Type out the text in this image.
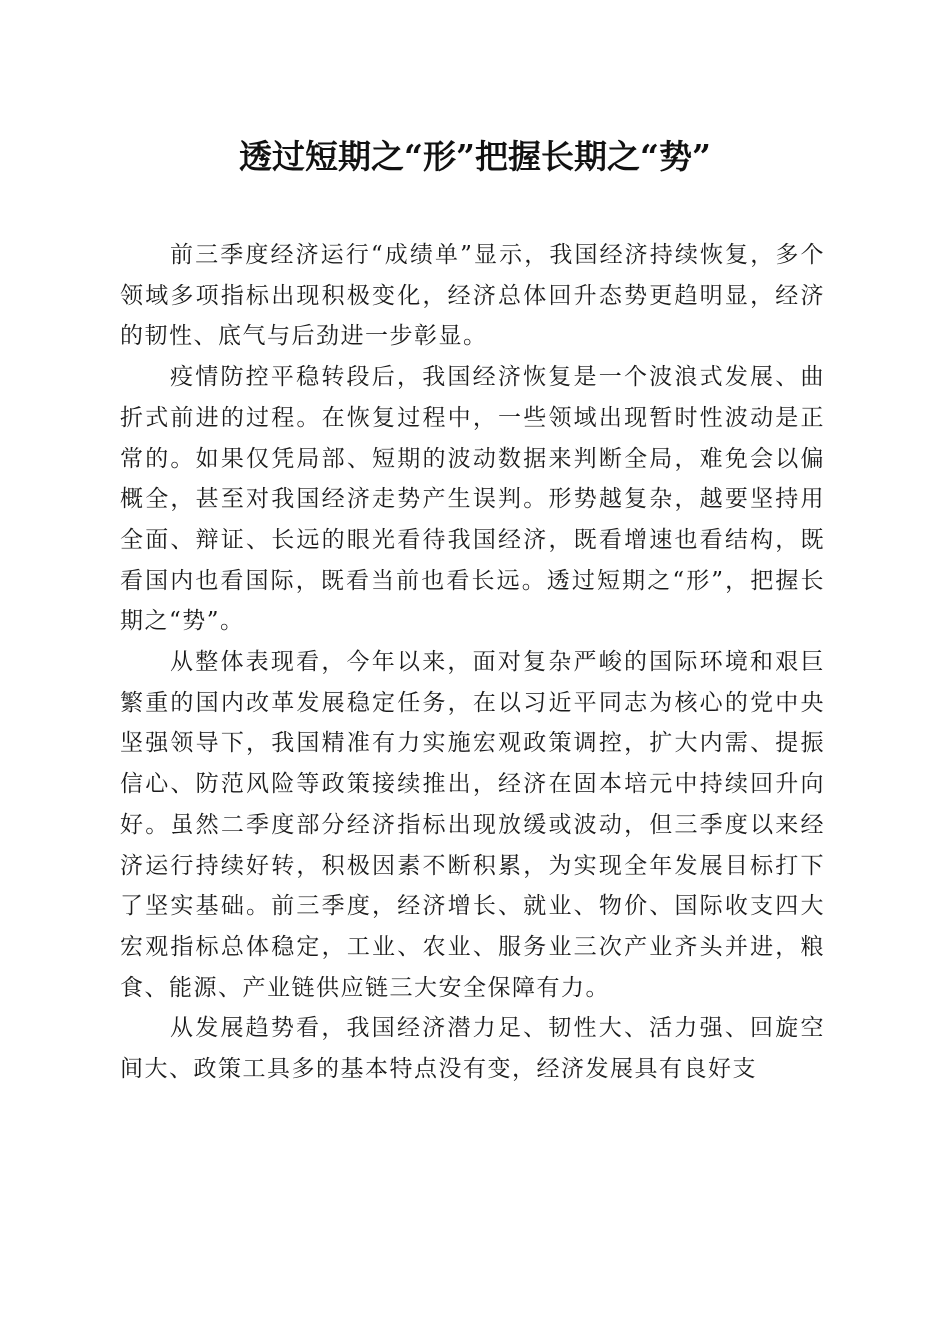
透过短期之“形”把握长期之“势”

前三季度经济运行“成绩单”显示，我国经济持续恢复，多个领域多项指标出现积极变化，经济总体回升态势更趋明显，经济的韧性、底气与后劲进一步彰显。

疫情防控平稳转段后，我国经济恢复是一个波浪式发展、曲折式前进的过程。在恢复过程中，一些领域出现暂时性波动是正常的。如果仅凭局部、短期的波动数据来判断全局，难免会以偏概全，甚至对我国经济走势产生误判。形势越复杂，越要坚持用全面、辩证、长远的眼光看待我国经济，既看增速也看结构，既看国内也看国际，既看当前也看长远。透过短期之“形”，把握长期之“势”。

从整体表现看，今年以来，面对复杂严峻的国际环境和艰巨繁重的国内改革发展稳定任务，在以习近平同志为核心的党中央坚强领导下，我国精准有力实施宏观政策调控，扩大内需、提振信心、防范风险等政策接续推出，经济在固本培元中持续回升向好。虽然二季度部分经济指标出现放缓或波动，但三季度以来经济运行持续好转，积极因素不断积累，为实现全年发展目标打下了坚实基础。前三季度，经济增长、就业、物价、国际收支四大宏观指标总体稳定，工业、农业、服务业三次产业齐头并进，粮食、能源、产业链供应链三大安全保障有力。

从发展趋势看，我国经济潜力足、韧性大、活力强、回旋空间大、政策工具多的基本特点没有变，经济发展具有良好支
